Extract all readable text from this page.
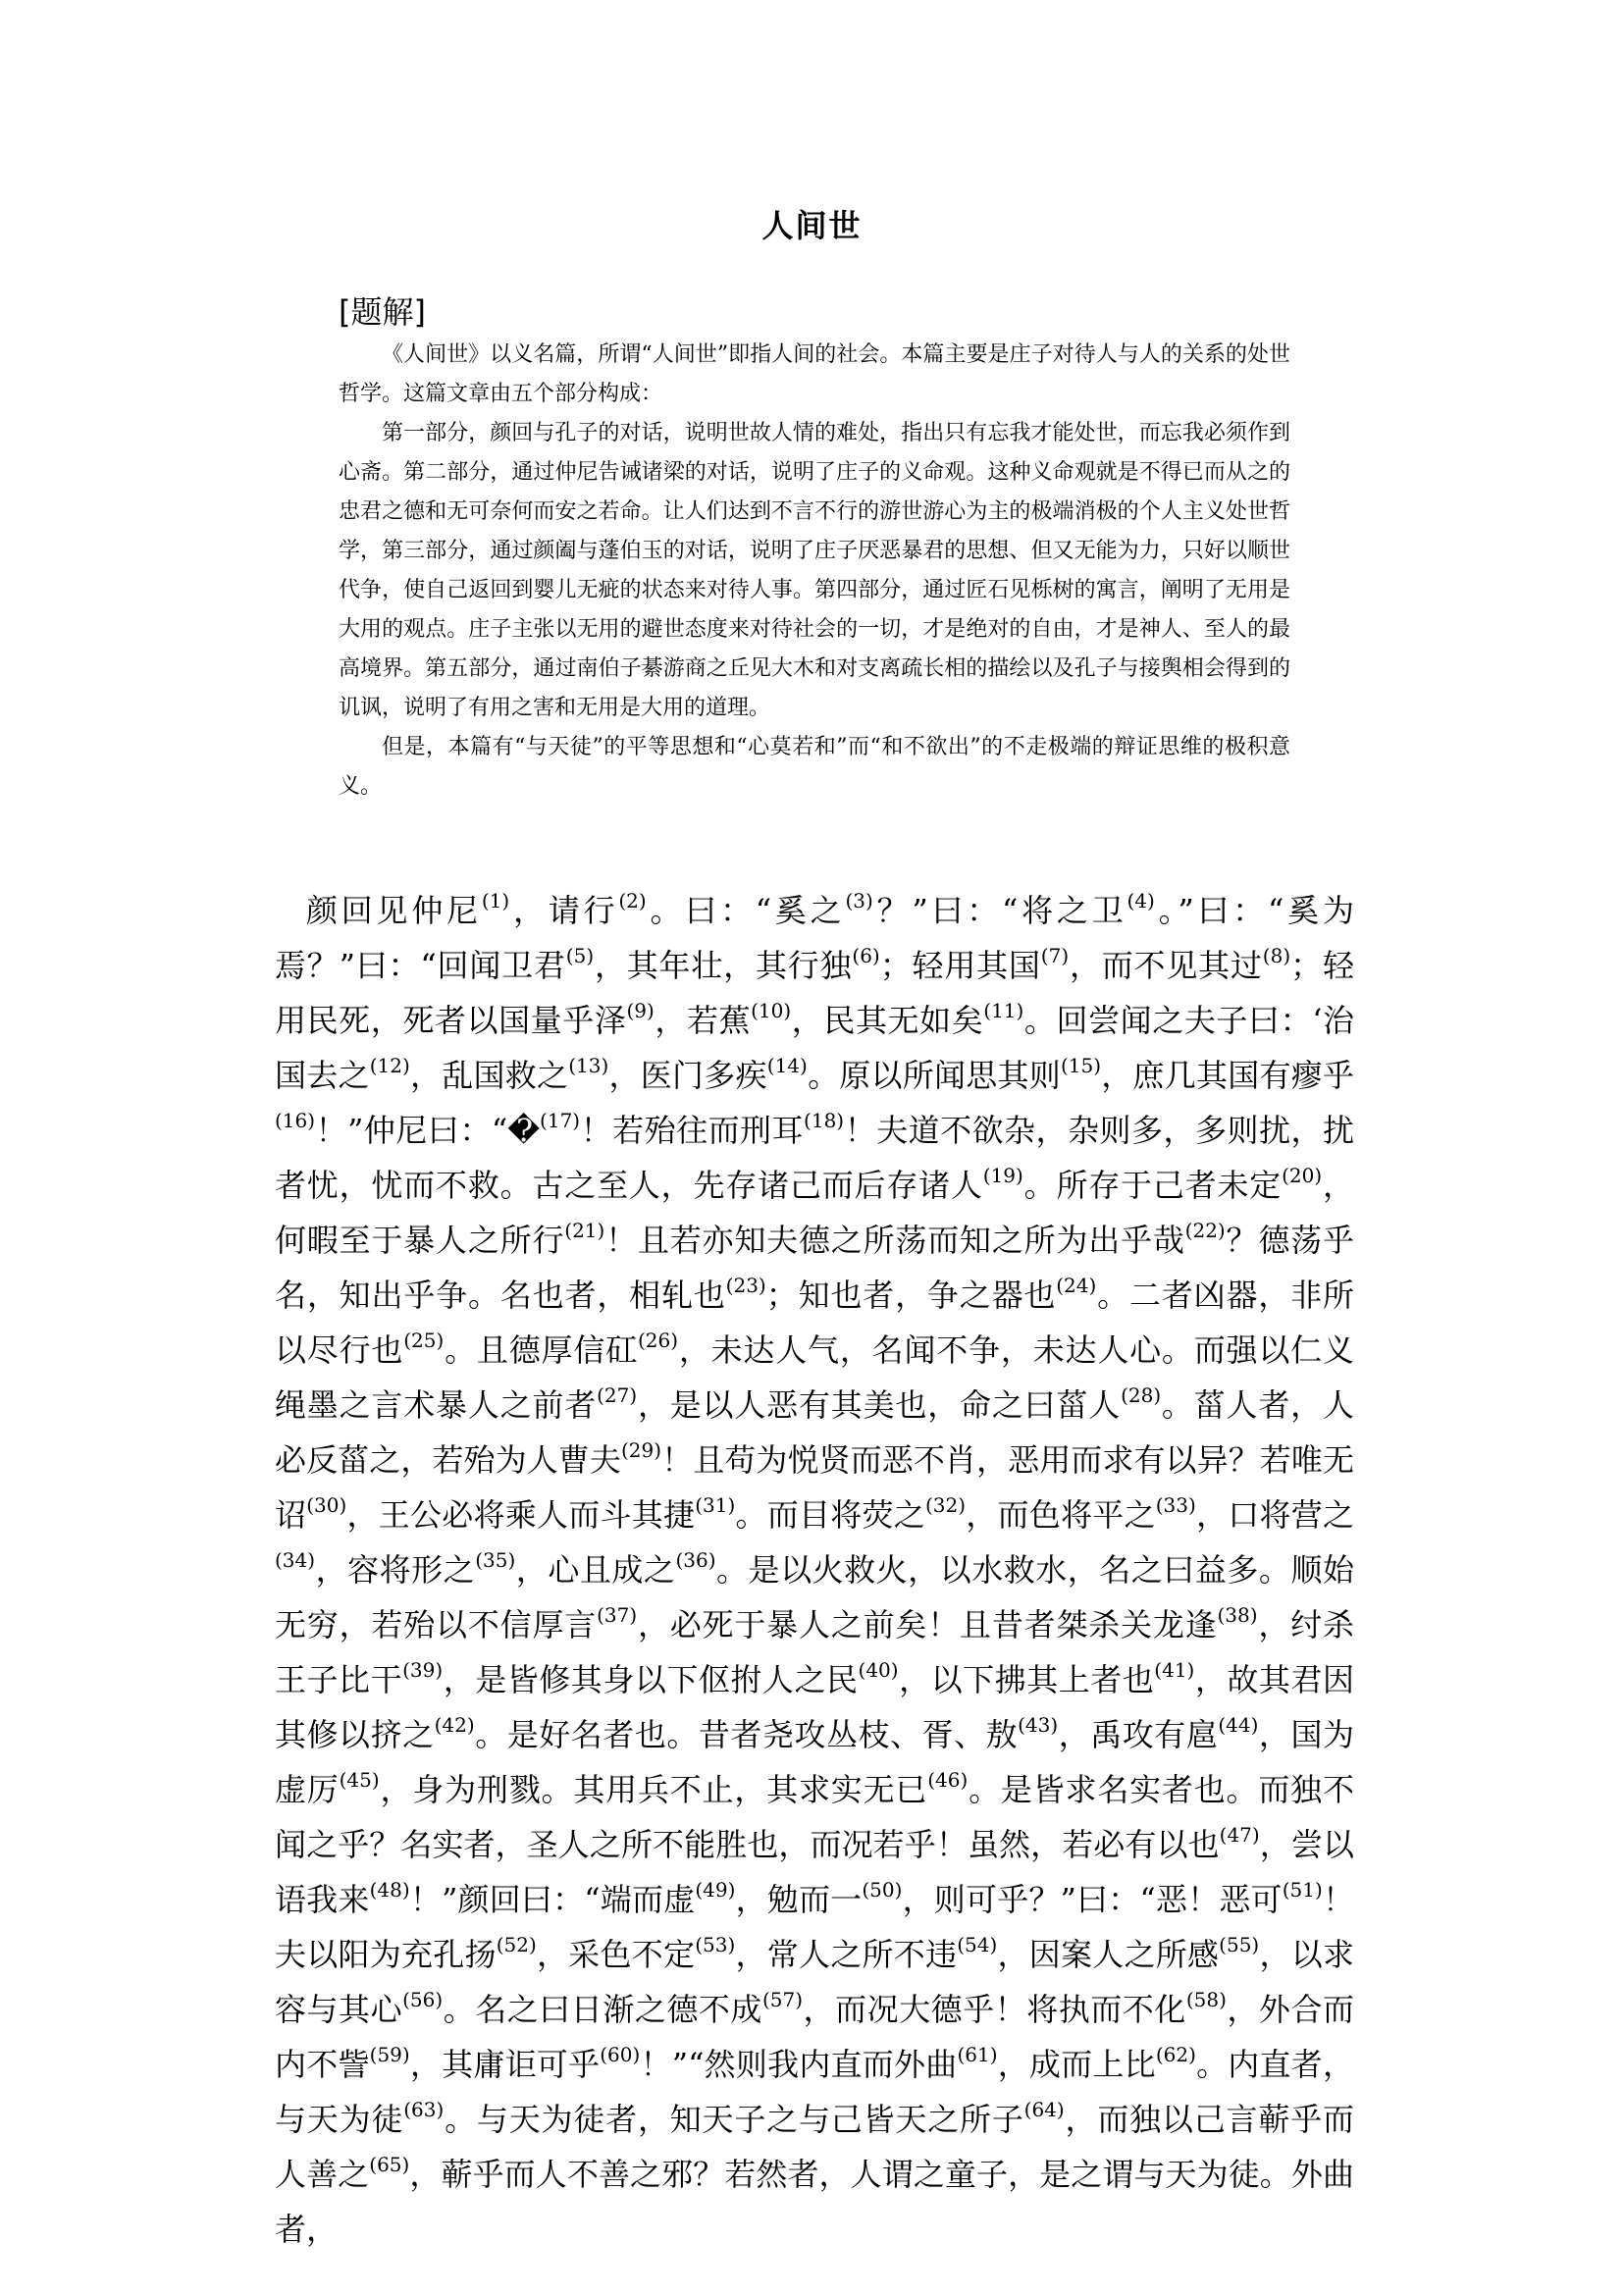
人间世
[题解]

《人间世》以义名篇，所谓“人间世”即指人间的社会。本篇主要是庄子对待人与人的关系的处世哲学。这篇文章由五个部分构成：

第一部分，颜回与孔子的对话，说明世故人情的难处，指出只有忘我才能处世，而忘我必须作到心斋。第二部分，通过仲尼告诫诸梁的对话，说明了庄子的义命观。这种义命观就是不得已而从之的忠君之德和无可奈何而安之若命。让人们达到不言不行的游世游心为主的极端消极的个人主义处世哲学，第三部分，通过颜阖与蓬伯玉的对话，说明了庄子厌恶暴君的思想、但又无能为力，只好以顺世代争，使自己返回到婴儿无疵的状态来对待人事。第四部分，通过匠石见栎树的寓言，阐明了无用是大用的观点。庄子主张以无用的避世态度来对待社会的一切，才是绝对的自由，才是神人、至人的最高境界。第五部分，通过南伯子綦游商之丘见大木和对支离疏长相的描绘以及孔子与接舆相会得到的讥讽，说明了有用之害和无用是大用的道理。

但是，本篇有“与天徒”的平等思想和“心莫若和”而“和不欲出”的不走极端的辩证思维的极积意义。

颜回见仲尼$^{(1)}$，请行$^{(2)}$。曰：“奚之$^{(3)}$？”曰：“将之卫$^{(4)}$。”曰：“奚为焉？”曰：“回闻卫君$^{(5)}$，其年壮，其行独$^{(6)}$；轻用其国$^{(7)}$，而不见其过$^{(8)}$；轻用民死，死者以国量乎泽$^{(9)}$，若蕉$^{(10)}$，民其无如矣$^{(11)}$。回尝闻之夫子曰：‘治国去之$^{(12)}$，乱国救之$^{(13)}$，医门多疾$^{(14)}$。原以所闻思其则$^{(15)}$，庶几其国有瘳乎$^{(16)}$！”仲尼曰：“�$^{(17)}$！若殆往而刑耳$^{(18)}$！夫道不欲杂，杂则多，多则扰，扰者忧，忧而不救。古之至人，先存诸己而后存诸人$^{(19)}$。所存于己者未定$^{(20)}$，何暇至于暴人之所行$^{(21)}$！且若亦知夫德之所荡而知之所为出乎哉$^{(22)}$？德荡乎名，知出乎争。名也者，相轧也$^{(23)}$；知也者，争之器也$^{(24)}$。二者凶器，非所以尽行也$^{(25)}$。且德厚信矼$^{(26)}$，未达人气，名闻不争，未达人心。而强以仁义绳墨之言术暴人之前者$^{(27)}$，是以人恶有其美也，命之曰菑人$^{(28)}$。菑人者，人必反菑之，若殆为人曹夫$^{(29)}$！且苟为悦贤而恶不肖，恶用而求有以异？若唯无诏$^{(30)}$，王公必将乘人而斗其捷$^{(31)}$。而目将荧之$^{(32)}$，而色将平之$^{(33)}$，口将营之$^{(34)}$，容将形之$^{(35)}$，心且成之$^{(36)}$。是以火救火，以水救水，名之曰益多。顺始无穷，若殆以不信厚言$^{(37)}$，必死于暴人之前矣！且昔者桀杀关龙逢$^{(38)}$，纣杀王子比干$^{(39)}$，是皆修其身以下伛拊人之民$^{(40)}$，以下拂其上者也$^{(41)}$，故其君因其修以挤之$^{(42)}$。是好名者也。昔者尧攻丛枝、胥、敖$^{(43)}$，禹攻有扈$^{(44)}$，国为虚厉$^{(45)}$，身为刑戮。其用兵不止，其求实无已$^{(46)}$。是皆求名实者也。而独不闻之乎？名实者，圣人之所不能胜也，而况若乎！虽然，若必有以也$^{(47)}$，尝以语我来$^{(48)}$！”颜回曰：“端而虚$^{(49)}$，勉而一$^{(50)}$，则可乎？”曰：“恶！恶可$^{(51)}$！夫以阳为充孔扬$^{(52)}$，采色不定$^{(53)}$，常人之所不违$^{(54)}$，因案人之所感$^{(55)}$，以求容与其心$^{(56)}$。名之曰日渐之德不成$^{(57)}$，而况大德乎！将执而不化$^{(58)}$，外合而内不訾$^{(59)}$，其庸讵可乎$^{(60)}$！”“然则我内直而外曲$^{(61)}$，成而上比$^{(62)}$。内直者，与天为徒$^{(63)}$。与天为徒者，知天子之与己皆天之所子$^{(64)}$，而独以己言蕲乎而人善之$^{(65)}$，蕲乎而人不善之邪？若然者，人谓之童子，是之谓与天为徒。外曲者，
